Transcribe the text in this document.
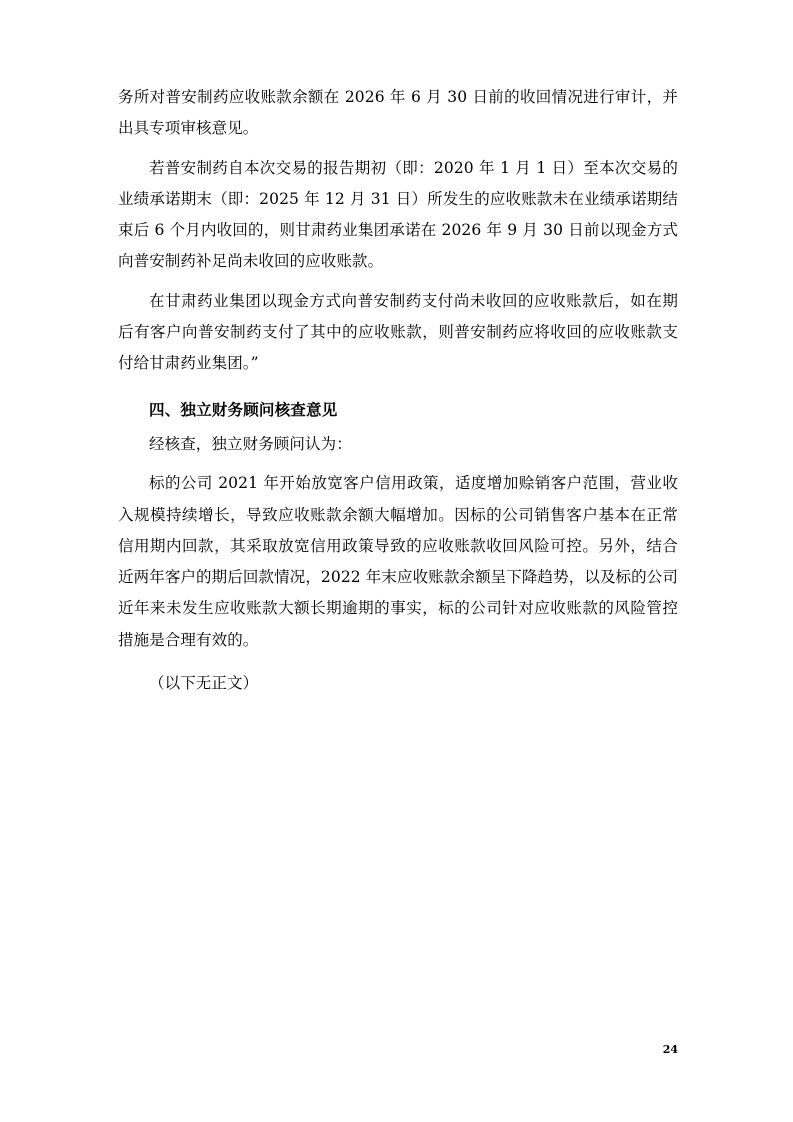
务所对普安制药应收账款余额在 2026 年 6 月 30 日前的收回情况进行审计，并出具专项审核意见。

若普安制药自本次交易的报告期初（即：2020 年 1 月 1 日）至本次交易的业绩承诺期末（即：2025 年 12 月 31 日）所发生的应收账款未在业绩承诺期结束后 6 个月内收回的，则甘肃药业集团承诺在 2026 年 9 月 30 日前以现金方式向普安制药补足尚未收回的应收账款。

在甘肃药业集团以现金方式向普安制药支付尚未收回的应收账款后，如在期后有客户向普安制药支付了其中的应收账款，则普安制药应将收回的应收账款支付给甘肃药业集团。”

四、独立财务顾问核查意见

经核查，独立财务顾问认为：

标的公司 2021 年开始放宽客户信用政策，适度增加赊销客户范围，营业收入规模持续增长，导致应收账款余额大幅增加。因标的公司销售客户基本在正常信用期内回款，其采取放宽信用政策导致的应收账款收回风险可控。另外，结合近两年客户的期后回款情况，2022 年末应收账款余额呈下降趋势，以及标的公司近年来未发生应收账款大额长期逾期的事实，标的公司针对应收账款的风险管控措施是合理有效的。

（以下无正文）

24
